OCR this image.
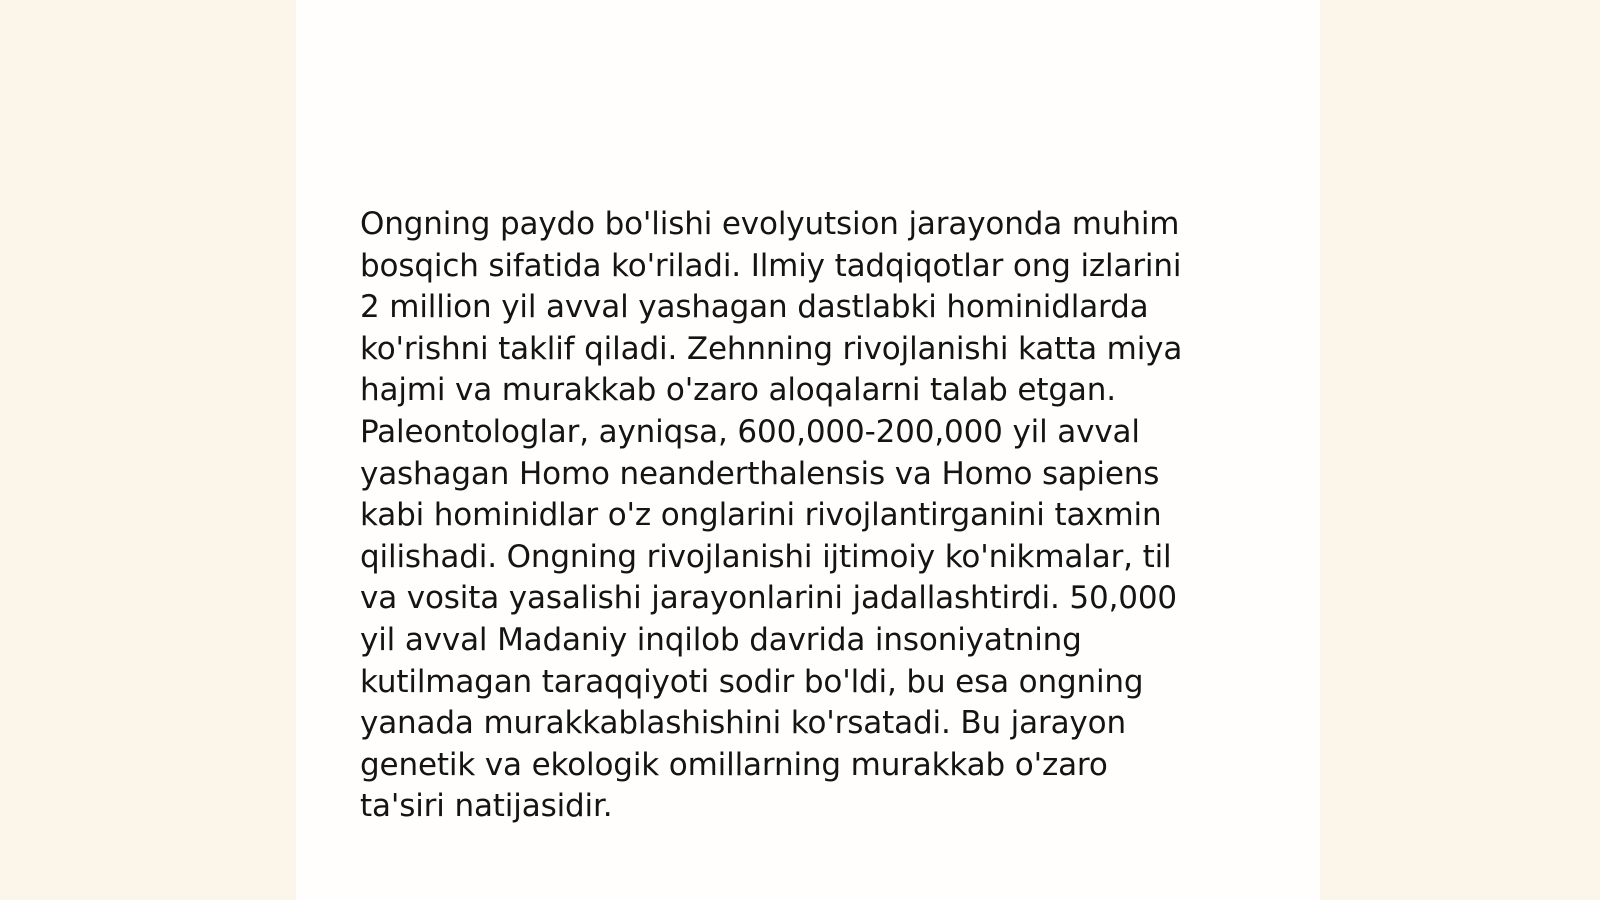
Ongning paydo bo'lishi evolyutsion jarayonda muhim
bosqich sifatida ko'riladi. Ilmiy tadqiqotlar ong izlarini
2 million yil avval yashagan dastlabki hominidlarda
ko'rishni taklif qiladi. Zehnning rivojlanishi katta miya
hajmi va murakkab o'zaro aloqalarni talab etgan.
Paleontologlar, ayniqsa, 600,000-200,000 yil avval
yashagan Homo neanderthalensis va Homo sapiens
kabi hominidlar o'z onglarini rivojlantirganini taxmin
qilishadi. Ongning rivojlanishi ijtimoiy ko'nikmalar, til
va vosita yasalishi jarayonlarini jadallashtirdi. 50,000
yil avval Madaniy inqilob davrida insoniyatning
kutilmagan taraqqiyoti sodir bo'ldi, bu esa ongning
yanada murakkablashishini ko'rsatadi. Bu jarayon
genetik va ekologik omillarning murakkab o'zaro
ta'siri natijasidir.
